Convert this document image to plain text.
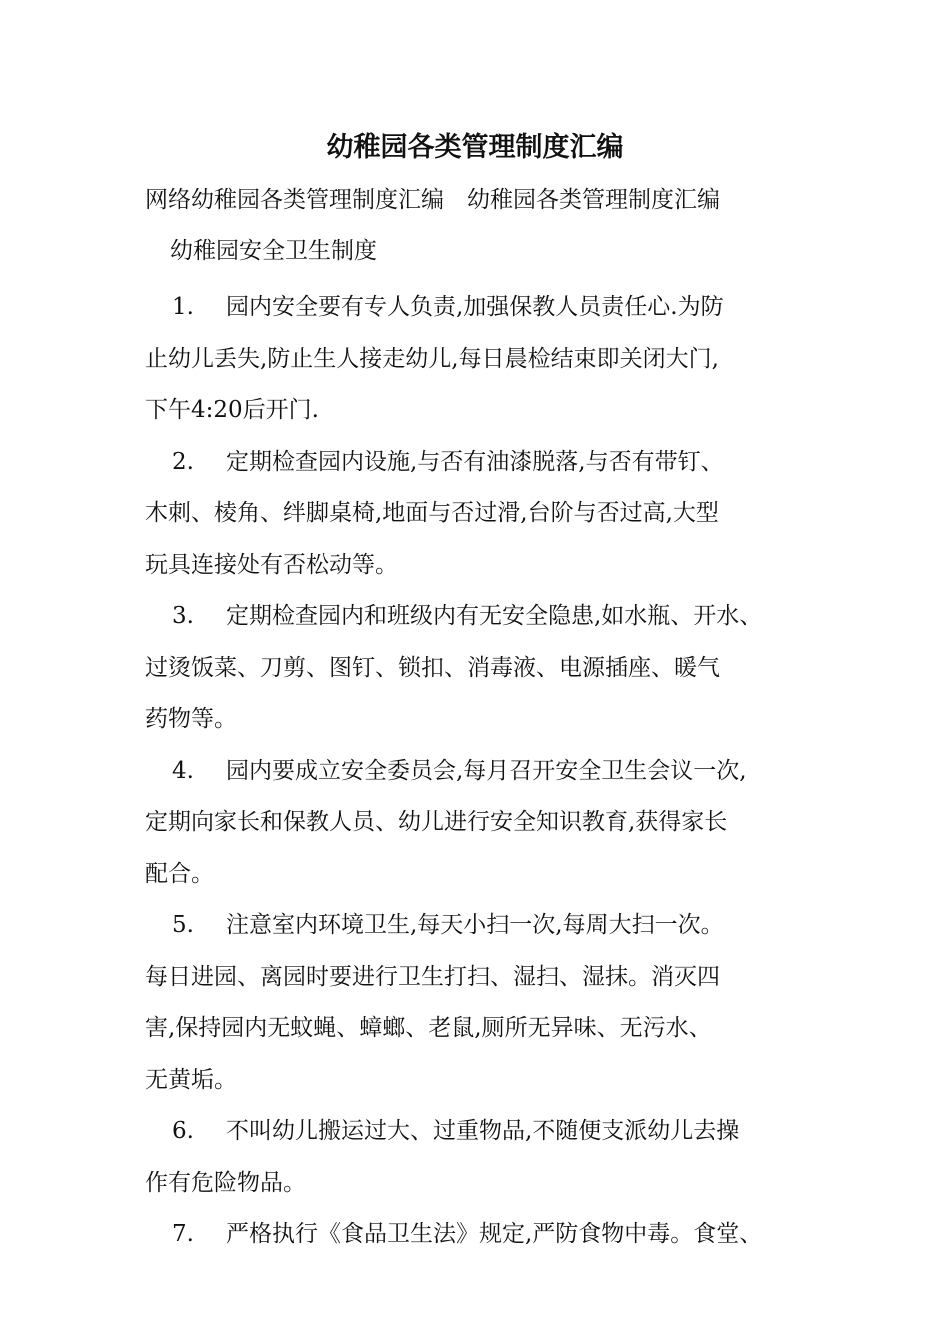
幼稚园各类管理制度汇编
网络幼稚园各类管理制度汇编　幼稚园各类管理制度汇编
幼稚园安全卫生制度
1. 园内安全要有专人负责,加强保教人员责任心.为防
止幼儿丢失,防止生人接走幼儿,每日晨检结束即关闭大门,
下午4:20后开门.
2. 定期检查园内设施,与否有油漆脱落,与否有带钉、
木刺、棱角、绊脚桌椅,地面与否过滑,台阶与否过高,大型
玩具连接处有否松动等。
3. 定期检查园内和班级内有无安全隐患,如水瓶、开水、
过烫饭菜、刀剪、图钉、锁扣、消毒液、电源插座、暖气
药物等。
4. 园内要成立安全委员会,每月召开安全卫生会议一次,
定期向家长和保教人员、幼儿进行安全知识教育,获得家长
配合。
5. 注意室内环境卫生,每天小扫一次,每周大扫一次。
每日进园、离园时要进行卫生打扫、湿扫、湿抹。消灭四
害,保持园内无蚊蝇、蟑螂、老鼠,厕所无异味、无污水、
无黄垢。
6. 不叫幼儿搬运过大、过重物品,不随便支派幼儿去操
作有危险物品。
7. 严格执行《食品卫生法》规定,严防食物中毒。食堂、
